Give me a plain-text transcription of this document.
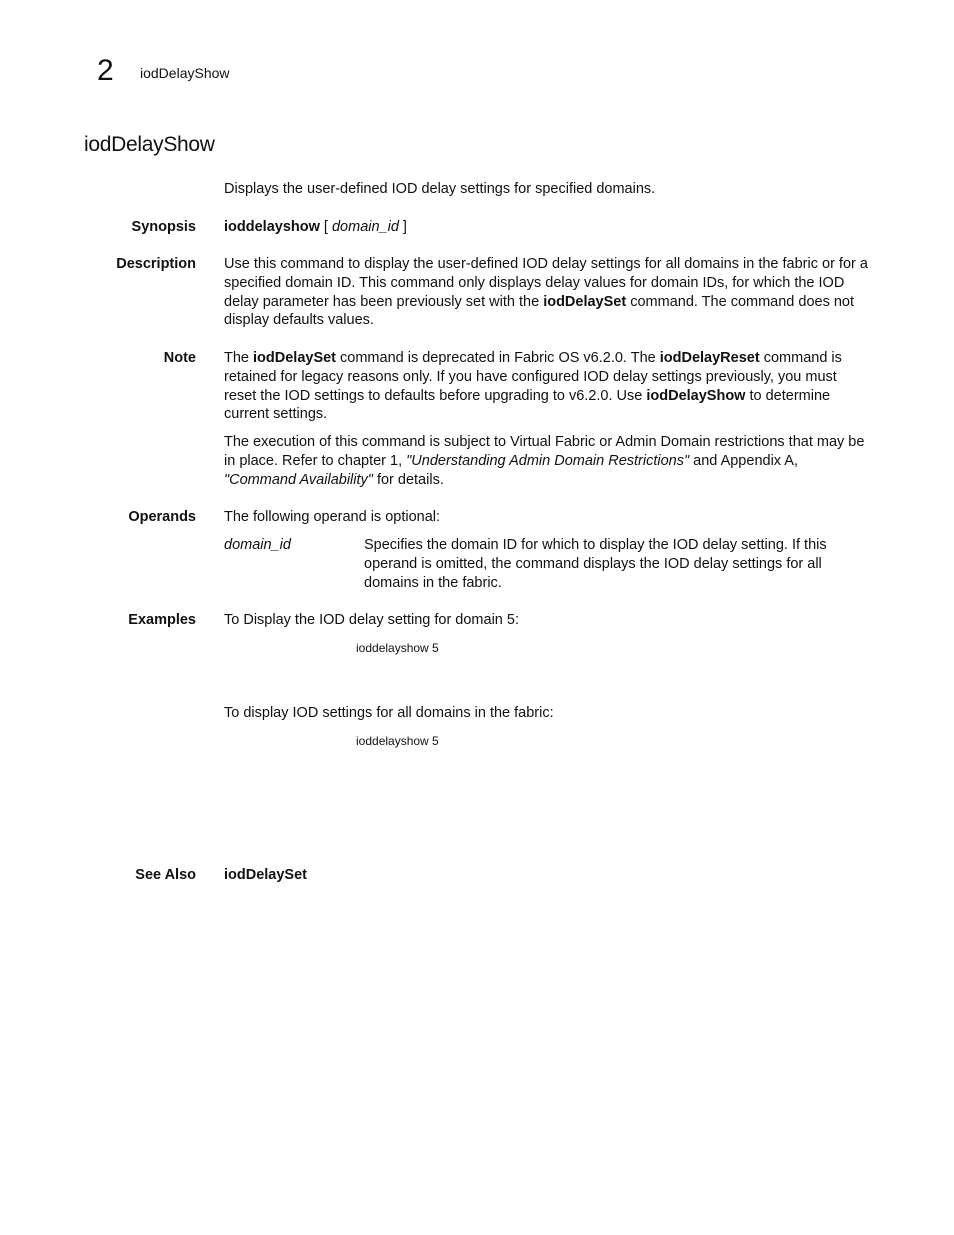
2 iodDelayShow
iodDelayShow
Displays the user-defined IOD delay settings for specified domains.
Synopsis ioddelayshow [ domain_id ]
Description Use this command to display the user-defined IOD delay settings for all domains in the fabric or for a specified domain ID. This command only displays delay values for domain IDs, for which the IOD delay parameter has been previously set with the iodDelaySet command. The command does not display defaults values.

Note The iodDelaySet command is deprecated in Fabric OS v6.2.0. The iodDelayReset command is retained for legacy reasons only. If you have configured IOD delay settings previously, you must reset the IOD settings to defaults before upgrading to v6.2.0. Use iodDelayShow to determine current settings.

The execution of this command is subject to Virtual Fabric or Admin Domain restrictions that may be in place. Refer to chapter 1, "Understanding Admin Domain Restrictions" and Appendix A, "Command Availability" for details.

Operands The following operand is optional:
domain_id	Specifies the domain ID for which to display the IOD delay setting. If this operand is omitted, the command displays the IOD delay settings for all domains in the fabric.
Examples To Display the IOD delay setting for domain 5:
ioddelayshow 5
To display IOD settings for all domains in the fabric:
ioddelayshow 5
See Also iodDelaySet
